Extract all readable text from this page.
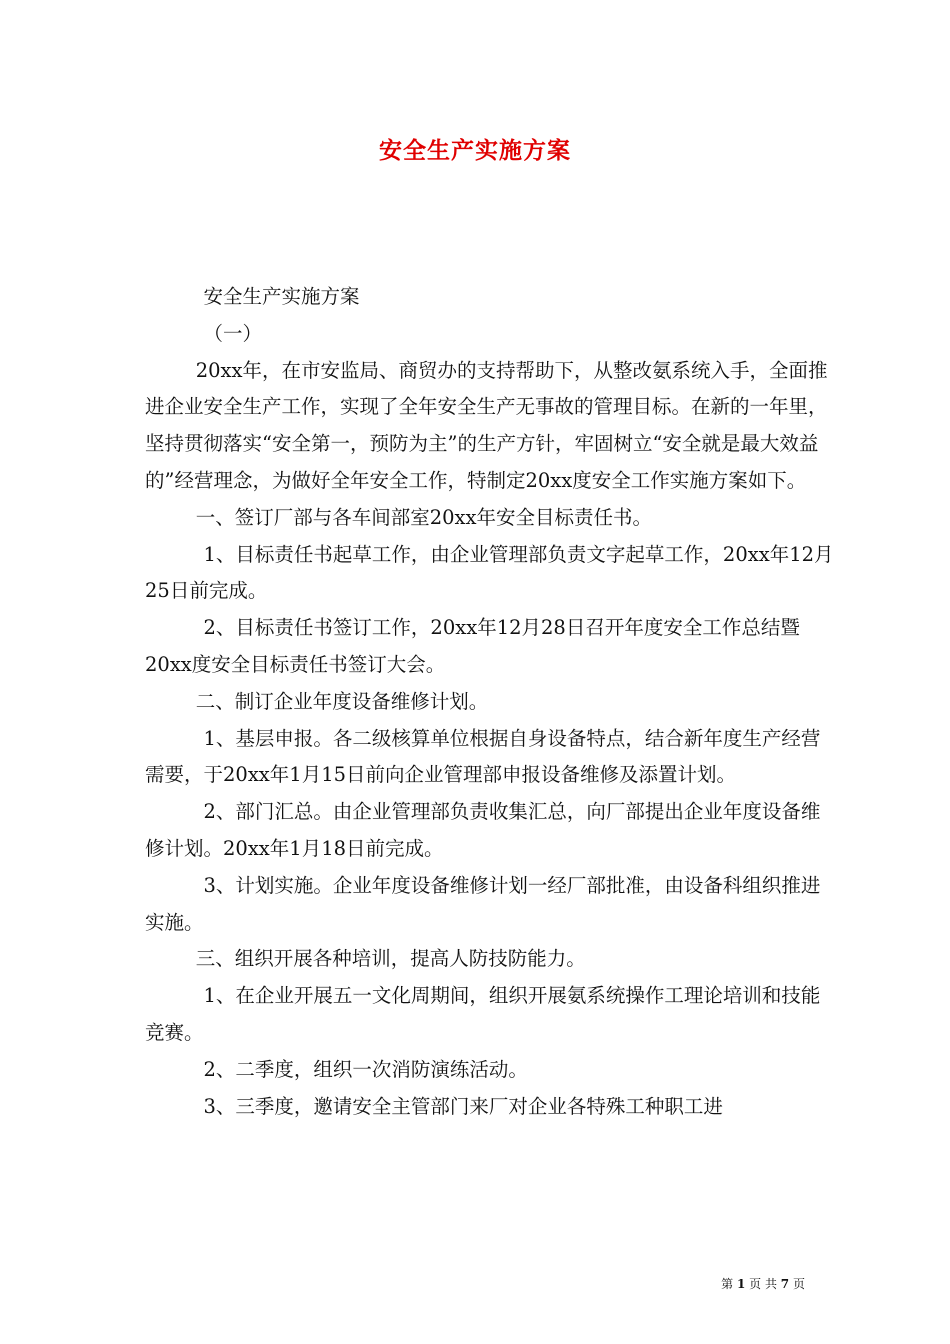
安全生产实施方案

安全生产实施方案

（一）

20xx年，在市安监局、商贸办的支持帮助下，从整改氨系统入手，全面推进企业安全生产工作，实现了全年安全生产无事故的管理目标。在新的一年里，坚持贯彻落实“安全第一，预防为主”的生产方针，牢固树立“安全就是最大效益的”经营理念，为做好全年安全工作，特制定20xx度安全工作实施方案如下。

一、签订厂部与各车间部室20xx年安全目标责任书。

1、目标责任书起草工作，由企业管理部负责文字起草工作，20xx年12月25日前完成。

2、目标责任书签订工作，20xx年12月28日召开年度安全工作总结暨20xx度安全目标责任书签订大会。

二、制订企业年度设备维修计划。

1、基层申报。各二级核算单位根据自身设备特点，结合新年度生产经营需要，于20xx年1月15日前向企业管理部申报设备维修及添置计划。

2、部门汇总。由企业管理部负责收集汇总，向厂部提出企业年度设备维修计划。20xx年1月18日前完成。

3、计划实施。企业年度设备维修计划一经厂部批准，由设备科组织推进实施。

三、组织开展各种培训，提高人防技防能力。

1、在企业开展五一文化周期间，组织开展氨系统操作工理论培训和技能竞赛。

2、二季度，组织一次消防演练活动。

3、三季度，邀请安全主管部门来厂对企业各特殊工种职工进

第 1 页 共 7 页
